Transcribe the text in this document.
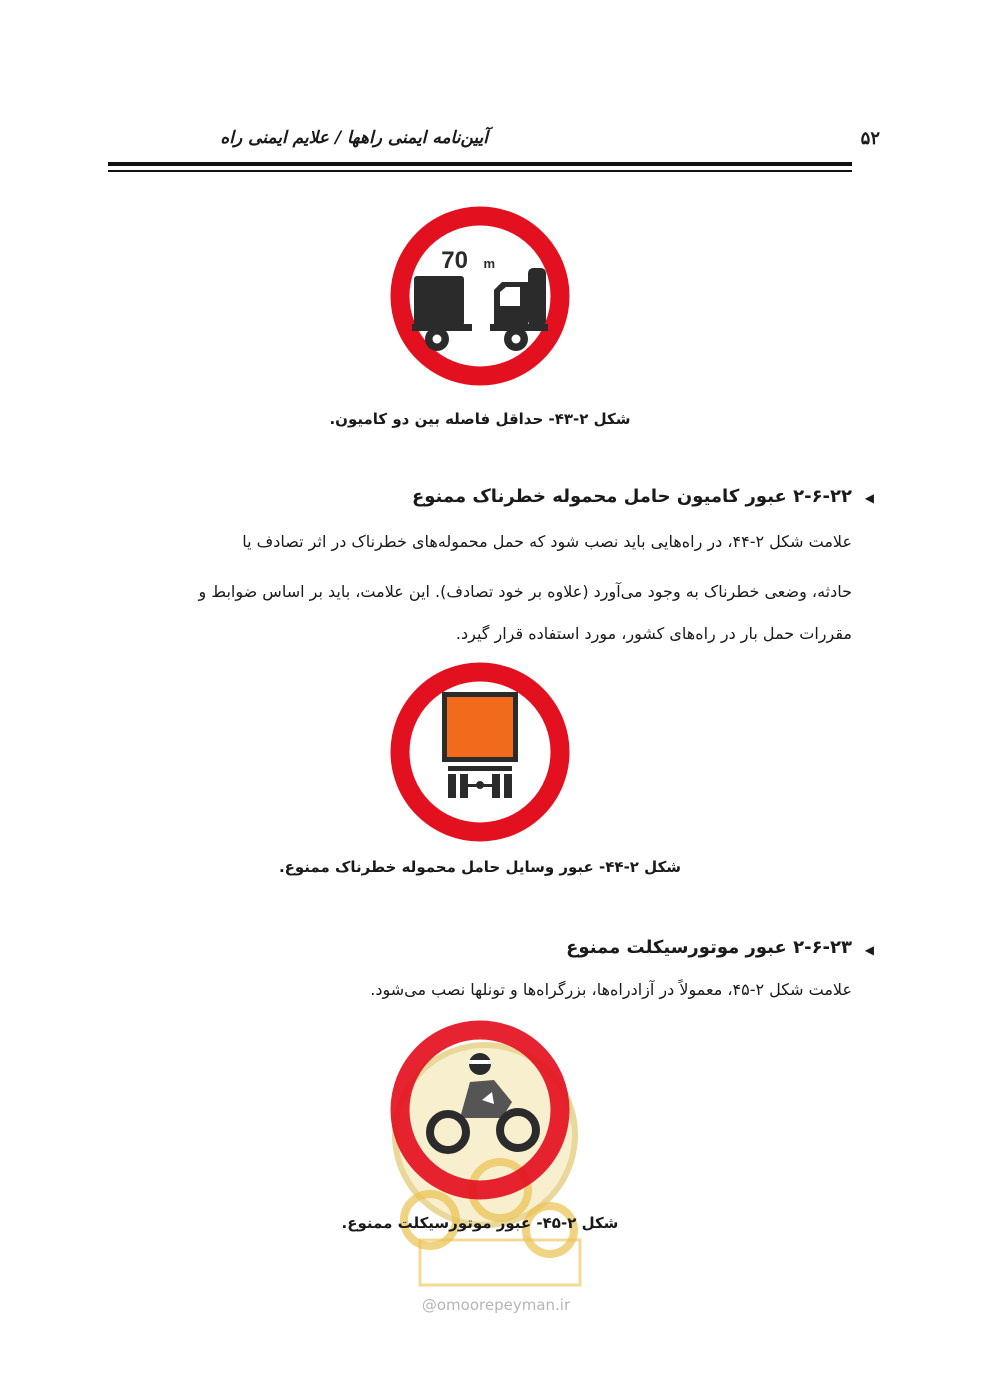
آیین‌نامه ایمنی راهها / علایم ایمنی راه	۵۲
70 m
شکل ۲-۴۳- حداقل فاصله بین دو کامیون.
◀
۲-۶-۲۲ عبور کامیون حامل محموله خطرناک ممنوع
علامت شکل ۲-۴۴، در راه‌هایی باید نصب شود که حمل محموله‌های خطرناک در اثر تصادف یا
حادثه، وضعی خطرناک به وجود می‌آورد (علاوه بر خود تصادف). این علامت، باید بر اساس ضوابط و
مقررات حمل بار در راه‌های کشور، مورد استفاده قرار گیرد.
شکل ۲-۴۴- عبور وسایل حامل محموله خطرناک ممنوع.
◀
۲-۶-۲۳ عبور موتورسیکلت ممنوع
علامت شکل ۲-۴۵، معمولاً در آزادراه‌ها، بزرگراه‌ها و تونلها نصب می‌شود.
شکل ۲-۴۵- عبور موتورسیکلت ممنوع.
@omoorepeyman.ir
